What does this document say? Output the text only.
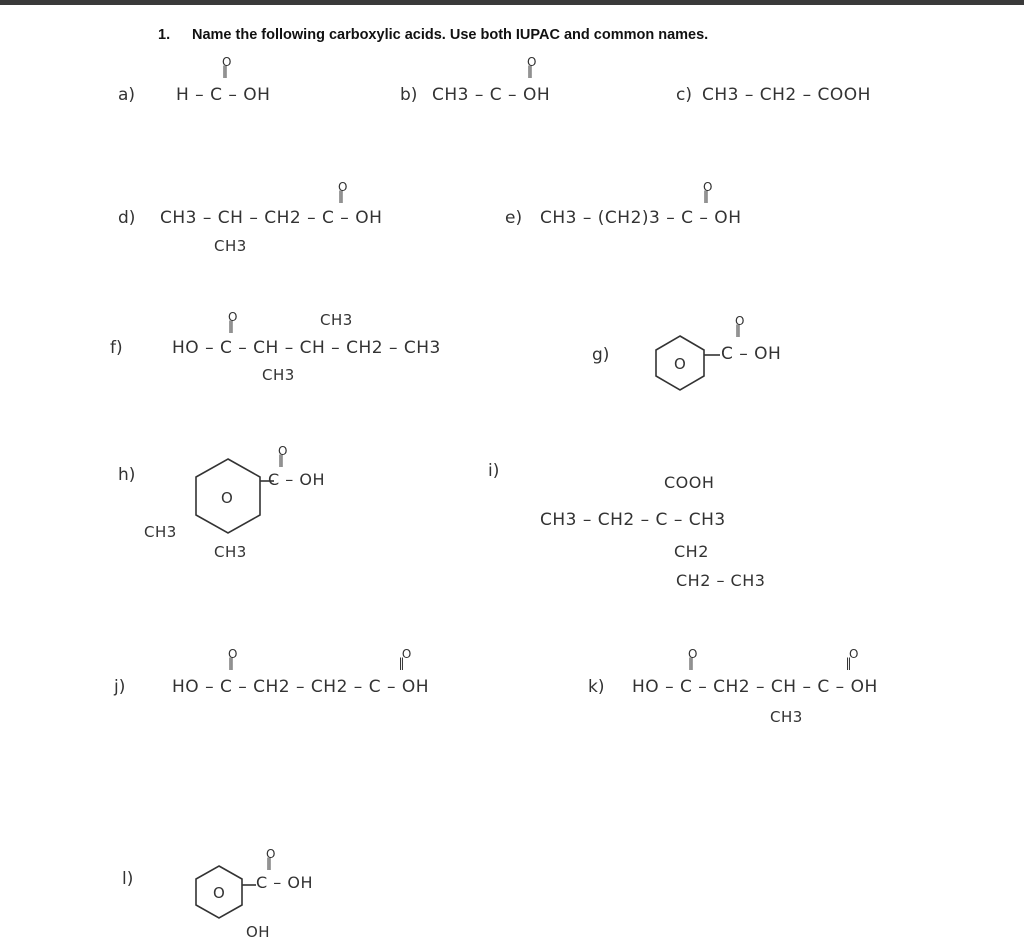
1. Name the following carboxylic acids. Use both IUPAC and common names.
a)
O
‖
H – C – OH	b)
O
‖
CH3 – C – OH	c) CH3 – CH2 – COOH
d)
O
‖
CH3 – CH – CH2 – C – OH
CH3
e)
O
‖
CH3 – (CH2)3 – C – OH
f)
O
‖	CH3
HO – C – CH – CH – CH2 – CH3
CH3
g)	O
O
‖
C – OH
h)
O
O
‖
C – OH
CH3
CH3
i)
COOH
CH3 – CH2 – C – CH3
CH2
CH2 – CH3
j)
O                                      O
‖                                      ‖
HO – C – CH2 – CH2 – C – OH	k)
O                                   O
‖                                   ‖
HO – C – CH2 – CH – C – OH
CH3
l)
O
O
‖
C – OH
OH
